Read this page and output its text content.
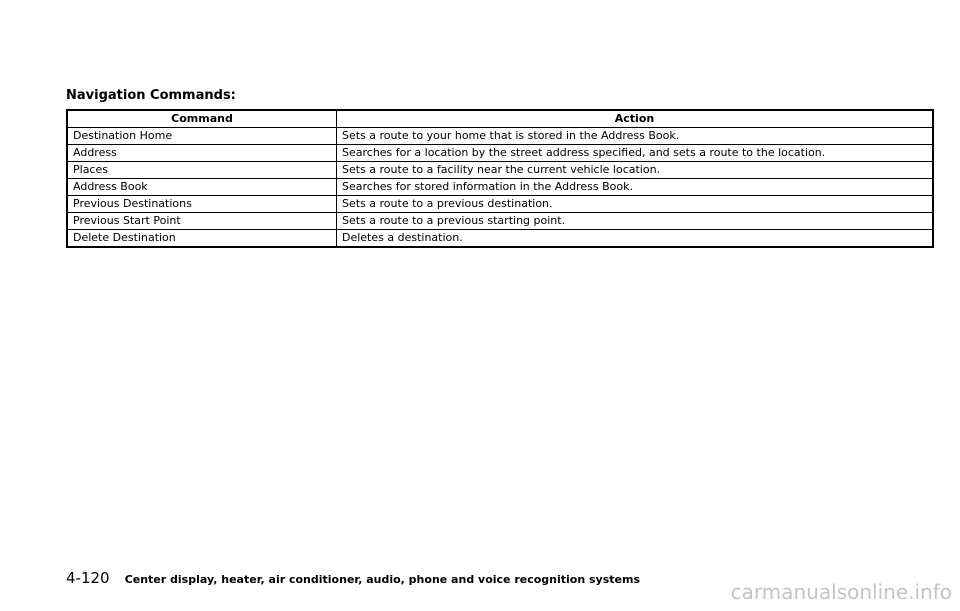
Navigation Commands:
Command	Action
Destination Home	Sets a route to your home that is stored in the Address Book.
Address	Searches for a location by the street address specified, and sets a route to the location.
Places	Sets a route to a facility near the current vehicle location.
Address Book	Searches for stored information in the Address Book.
Previous Destinations	Sets a route to a previous destination.
Previous Start Point	Sets a route to a previous starting point.
Delete Destination	Deletes a destination.
4-120 Center display, heater, air conditioner, audio, phone and voice recognition systems
carmanualsonline.info
